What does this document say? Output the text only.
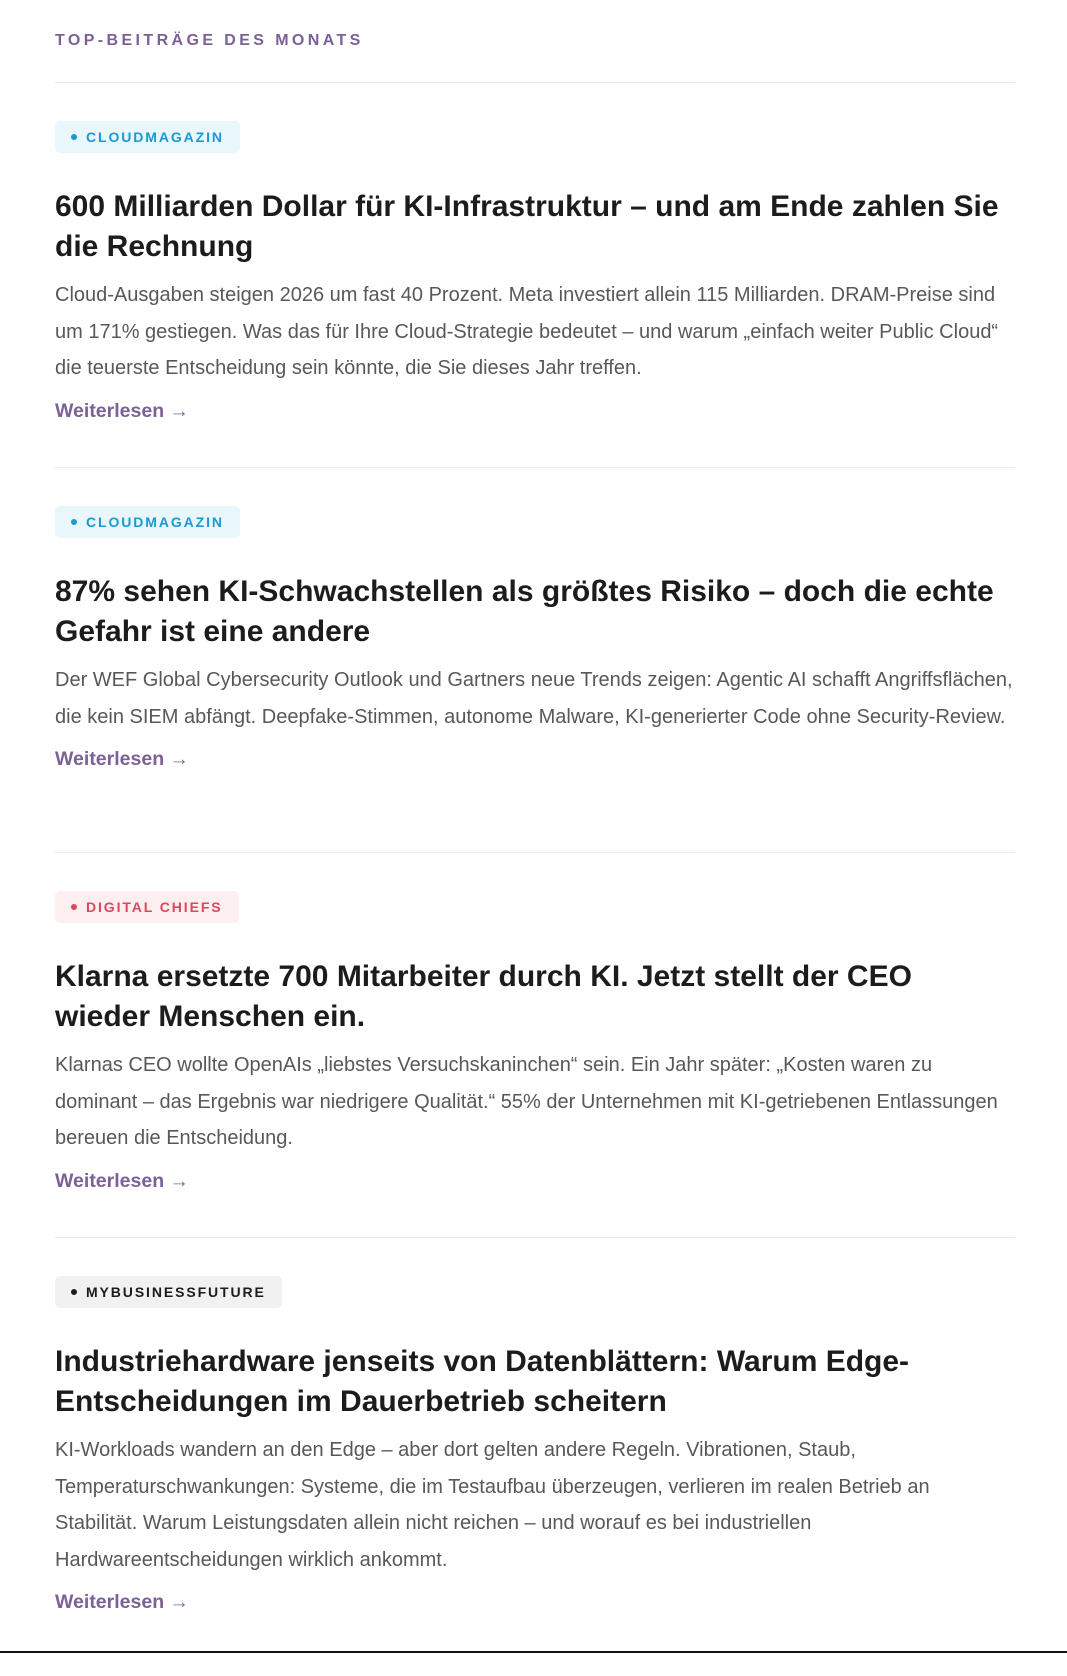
TOP-BEITRÄGE DES MONATS
CLOUDMAGAZIN
600 Milliarden Dollar für KI-Infrastruktur – und am Ende zahlen Sie die Rechnung

Cloud-Ausgaben steigen 2026 um fast 40 Prozent. Meta investiert allein 115 Milliarden. DRAM-Preise sind um 171% gestiegen. Was das für Ihre Cloud-Strategie bedeutet – und warum „einfach weiter Public Cloud“ die teuerste Entscheidung sein könnte, die Sie dieses Jahr treffen.

Weiterlesen →
CLOUDMAGAZIN
87% sehen KI-Schwachstellen als größtes Risiko – doch die echte Gefahr ist eine andere

Der WEF Global Cybersecurity Outlook und Gartners neue Trends zeigen: Agentic AI schafft Angriffsflächen, die kein SIEM abfängt. Deepfake-Stimmen, autonome Malware, KI-generierter Code ohne Security-Review.

Weiterlesen →
DIGITAL CHIEFS
Klarna ersetzte 700 Mitarbeiter durch KI. Jetzt stellt der CEO wieder Menschen ein.

Klarnas CEO wollte OpenAIs „liebstes Versuchskaninchen“ sein. Ein Jahr später: „Kosten waren zu dominant – das Ergebnis war niedrigere Qualität.“ 55% der Unternehmen mit KI-getriebenen Entlassungen bereuen die Entscheidung.

Weiterlesen →
MYBUSINESSFUTURE
Industriehardware jenseits von Datenblättern: Warum Edge-Entscheidungen im Dauerbetrieb scheitern

KI-Workloads wandern an den Edge – aber dort gelten andere Regeln. Vibrationen, Staub, Temperaturschwankungen: Systeme, die im Testaufbau überzeugen, verlieren im realen Betrieb an Stabilität. Warum Leistungsdaten allein nicht reichen – und worauf es bei industriellen Hardwareentscheidungen wirklich ankommt.

Weiterlesen →
